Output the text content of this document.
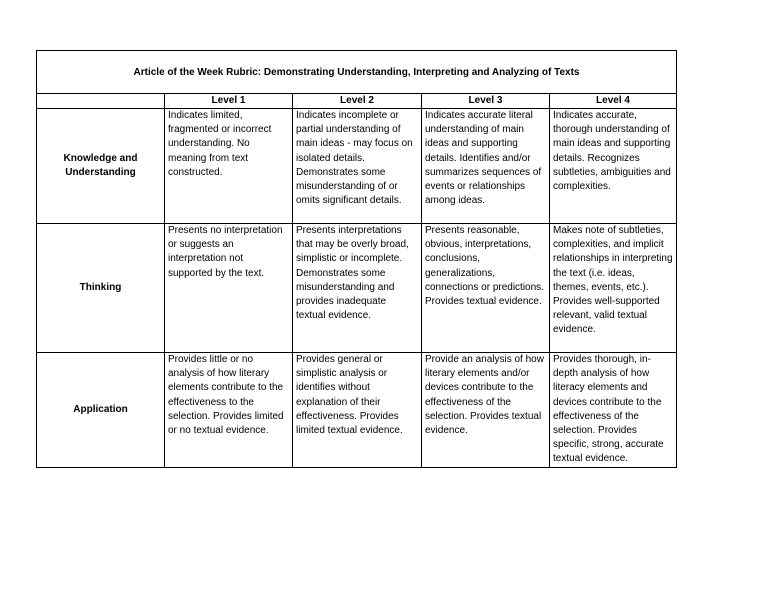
Article of the Week Rubric: Demonstrating Understanding, Interpreting and Analyzing of Texts				
	Level 1	Level 2	Level 3	Level 4
Knowledge and Understanding	Indicates limited, fragmented or incorrect understanding. No meaning from text constructed.	Indicates incomplete or partial understanding of main ideas - may focus on isolated details. Demonstrates some misunderstanding of or omits significant details.	Indicates accurate literal understanding of main ideas and supporting details. Identifies and/or summarizes sequences of events or relationships among ideas.	Indicates accurate, thorough understanding of main ideas and supporting details. Recognizes subtleties, ambiguities and complexities.
Thinking	Presents no interpretation or suggests an interpretation not supported by the text.	Presents interpretations that may be overly broad, simplistic or incomplete. Demonstrates some misunderstanding and provides inadequate textual evidence.	Presents reasonable, obvious, interpretations, conclusions, generalizations, connections or predictions. Provides textual evidence.	Makes note of subtleties, complexities, and implicit relationships in interpreting the text (i.e. ideas, themes, events, etc.). Provides well-supported relevant, valid textual evidence.
Application	Provides little or no analysis of how literary elements contribute to the effectiveness to the selection. Provides limited or no textual evidence.	Provides general or simplistic analysis or identifies without explanation of their effectiveness. Provides limited textual evidence.	Provide an analysis of how literary elements and/or devices contribute to the effectiveness of the selection. Provides textual evidence.	Provides thorough, in-depth analysis of how literacy elements and devices contribute to the effectiveness of the selection. Provides specific, strong, accurate textual evidence.
